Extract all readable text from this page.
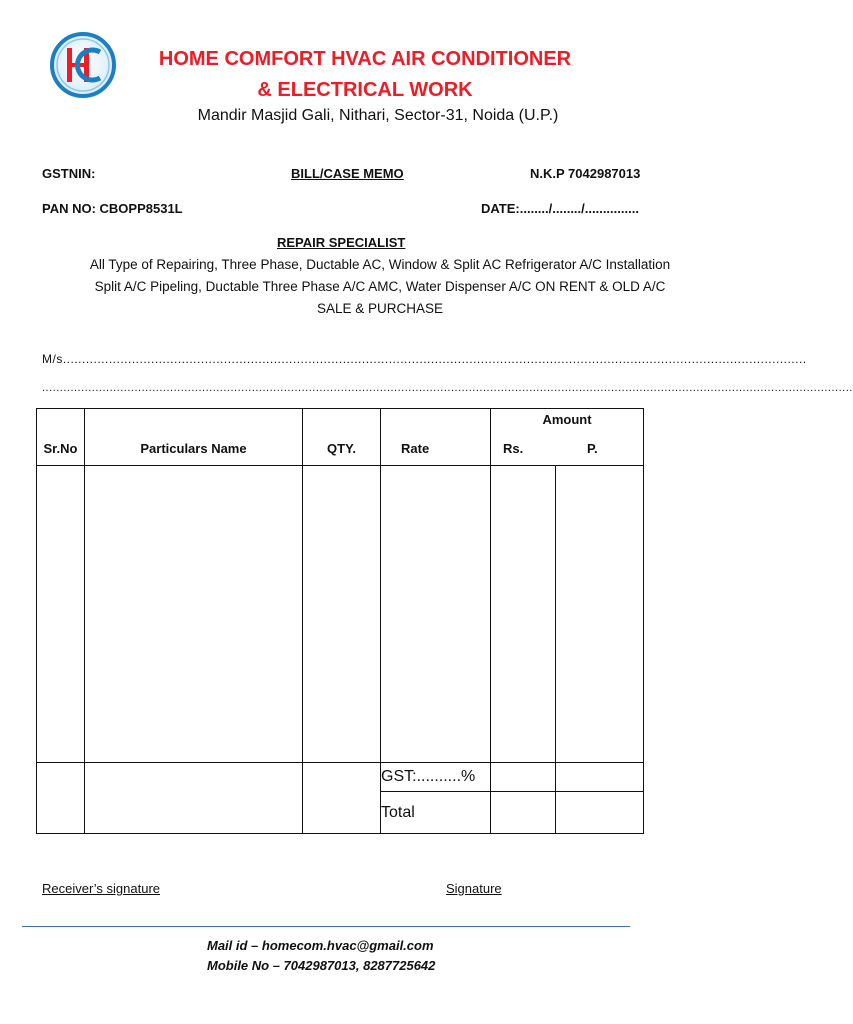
HOME COMFORT HVAC AIR CONDITIONER
& ELECTRICAL WORK
Mandir Masjid Gali, Nithari, Sector-31, Noida (U.P.)
GSTNIN:	BILL/CASE MEMO	N.K.P 7042987013
PAN NO: CBOPP8531L	DATE:......../......../...............
REPAIR SPECIALIST
All Type of Repairing, Three Phase, Ductable AC, Window & Split AC Refrigerator A/C Installation
Split A/C Pipeling, Ductable Three Phase A/C AMC, Water Dispenser A/C ON RENT & OLD A/C
SALE & PURCHASE
M/s..................................................................................................................................................................................................
....................................................................................................................................................................................................................................
Sr.No	Particulars Name	QTY.	Rate	Amount
Rs. P.	

			GST:..........%		
			Total		
Receiver’s signature	Signature
Mail id – homecom.hvac@gmail.com
Mobile No – 7042987013, 8287725642
